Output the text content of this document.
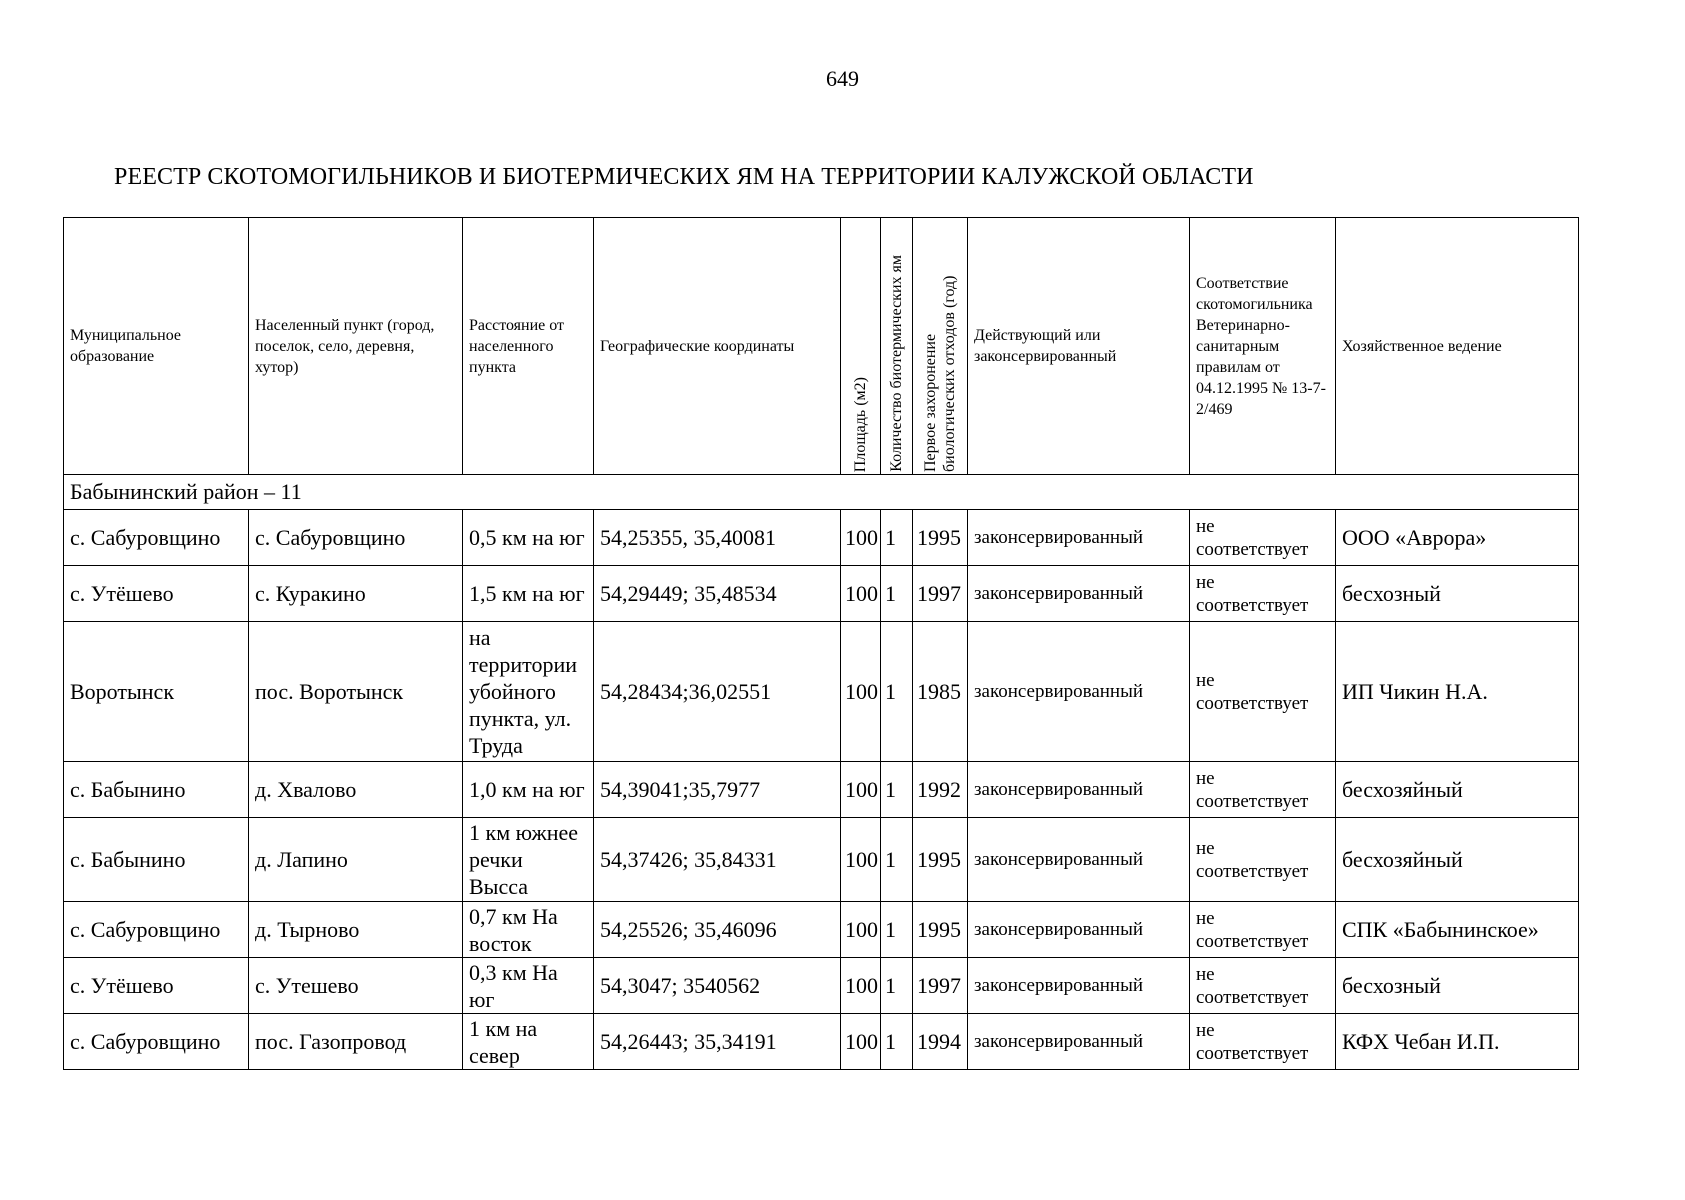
649
РЕЕСТР СКОТОМОГИЛЬНИКОВ И БИОТЕРМИЧЕСКИХ ЯМ НА ТЕРРИТОРИИ КАЛУЖСКОЙ ОБЛАСТИ
Муниципальное образование	Населенный пункт (город, поселок, село, деревня, хутор)	Расстояние от населенного пункта	Географические координаты	Площадь (м2)	Количество биотермических ям	Первое захоронение биологических отходов (год)	Действующий или законсервированный	Соответствие скотомогильника Ветеринарно-санитарным правилам от 04.12.1995 № 13-7-2/469	Хозяйственное ведение
Бабынинский район – 11									
с. Сабуровщино	с. Сабуровщино	0,5 км на юг	54,25355, 35,40081	100	1	1995	законсервированный	не соответствует	ООО «Аврора»
с. Утёшево	с. Куракино	1,5 км на юг	54,29449; 35,48534	100	1	1997	законсервированный	не соответствует	бесхозный
Воротынск	пос. Воротынск	на территории убойного пункта, ул. Труда	54,28434;36,02551	100	1	1985	законсервированный	не соответствует	ИП Чикин Н.А.
с. Бабынино	д. Хвалово	1,0 км на юг	54,39041;35,7977	100	1	1992	законсервированный	не соответствует	бесхозяйный
с. Бабынино	д. Лапино	1 км южнее речки Высса	54,37426; 35,84331	100	1	1995	законсервированный	не соответствует	бесхозяйный
с. Сабуровщино	д. Тырново	0,7 км На восток	54,25526; 35,46096	100	1	1995	законсервированный	не соответствует	СПК «Бабынинское»
с. Утёшево	с. Утешево	0,3 км На юг	54,3047; 3540562	100	1	1997	законсервированный	не соответствует	бесхозный
с. Сабуровщино	пос. Газопровод	1 км на север	54,26443; 35,34191	100	1	1994	законсервированный	не соответствует	КФХ Чебан И.П.
